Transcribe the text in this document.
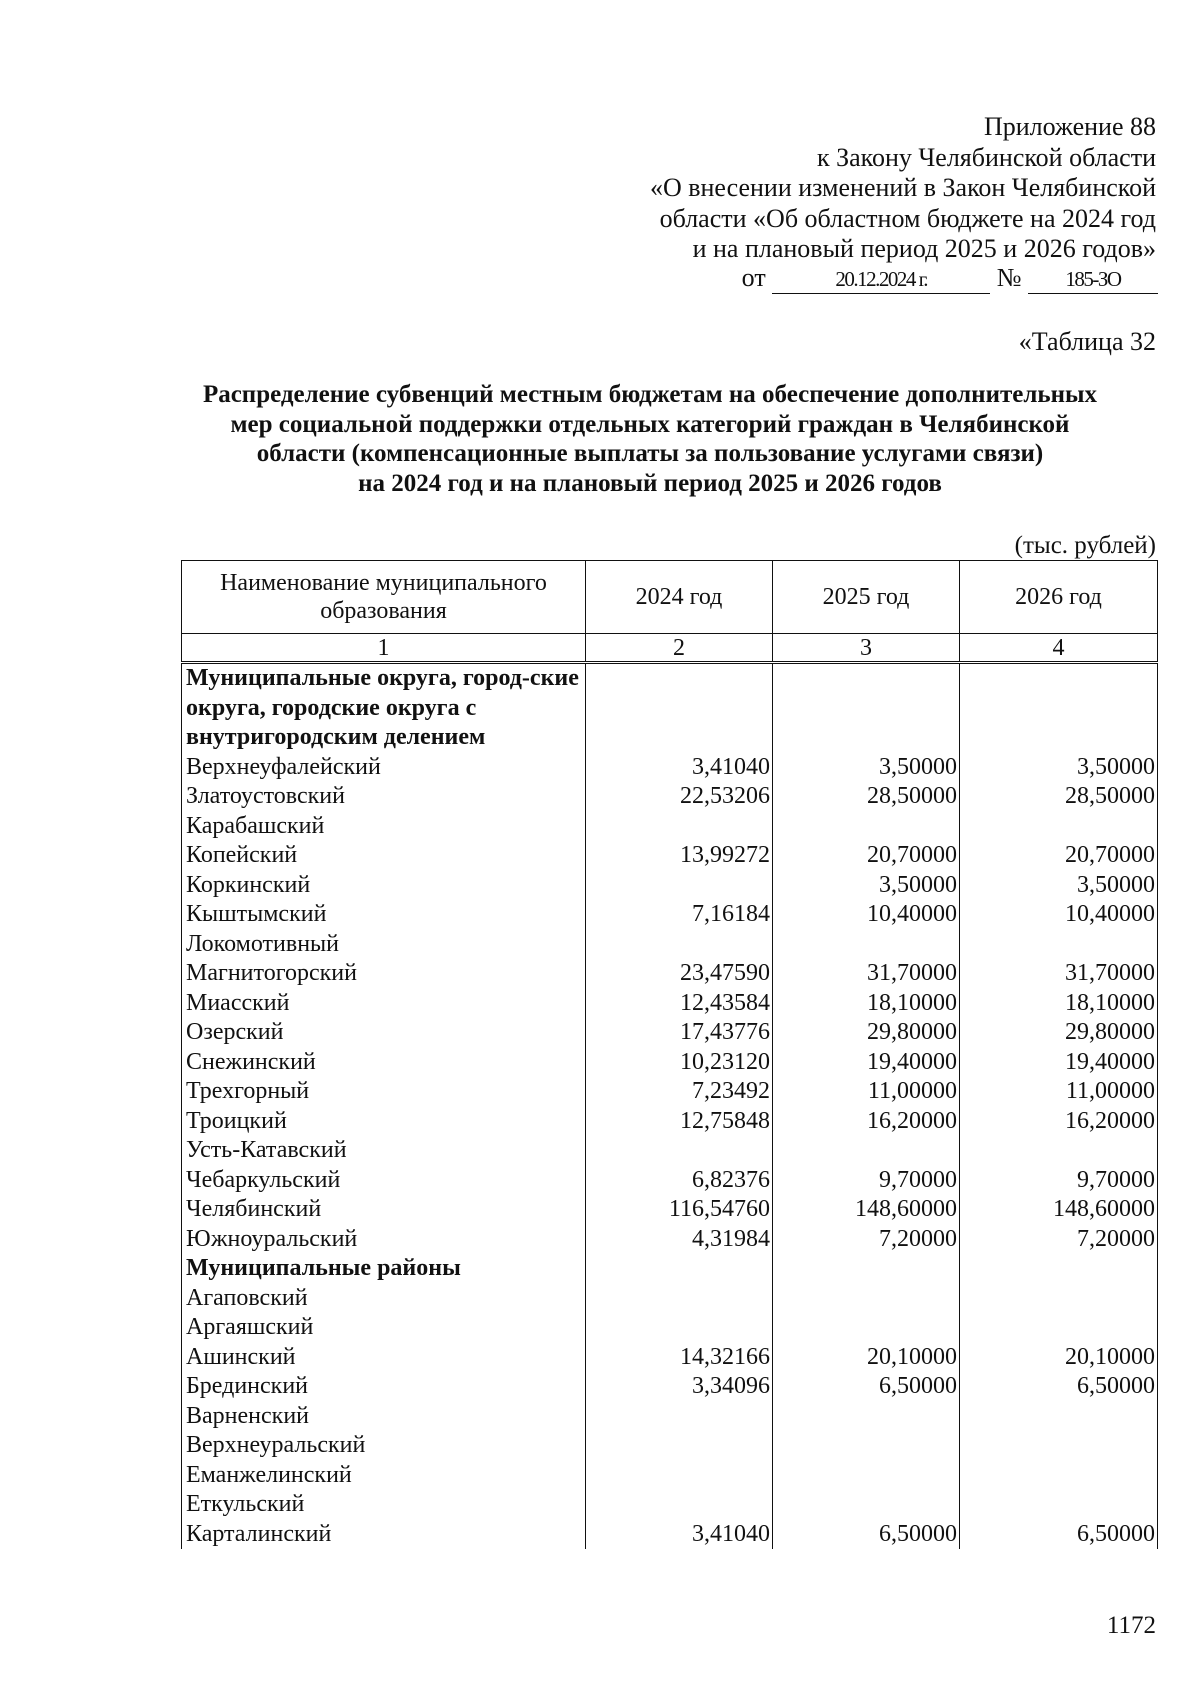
Приложение 88
к Закону Челябинской области
«О внесении изменений в Закон Челябинской
области «Об областном бюджете на 2024 год
и на плановый период 2025 и 2026 годов»
от	20.12.2024 г.	№ 185-ЗО
«Таблица 32
Распределение субвенций местным бюджетам на обеспечение дополнительных
мер социальной поддержки отдельных категорий граждан в Челябинской
области (компенсационные выплаты за пользование услугами связи)
на 2024 год и на плановый период 2025 и 2026 годов
(тыс. рублей)
Наименование муниципального образования	2024 год	2025 год	2026 год
1	2	3	4
Муниципальные округа, город-ские округа, городские округа с внутригородским делением			
Верхнеуфалейский	3,41040	3,50000	3,50000
Златоустовский	22,53206	28,50000	28,50000
Карабашский			
Копейский	13,99272	20,70000	20,70000
Коркинский		3,50000	3,50000
Кыштымский	7,16184	10,40000	10,40000
Локомотивный			
Магнитогорский	23,47590	31,70000	31,70000
Миасский	12,43584	18,10000	18,10000
Озерский	17,43776	29,80000	29,80000
Снежинский	10,23120	19,40000	19,40000
Трехгорный	7,23492	11,00000	11,00000
Троицкий	12,75848	16,20000	16,20000
Усть-Катавский			
Чебаркульский	6,82376	9,70000	9,70000
Челябинский	116,54760	148,60000	148,60000
Южноуральский	4,31984	7,20000	7,20000
Муниципальные районы			
Агаповский			
Аргаяшский			
Ашинский	14,32166	20,10000	20,10000
Брединский	3,34096	6,50000	6,50000
Варненский			
Верхнеуральский			
Еманжелинский			
Еткульский			
Карталинский	3,41040	6,50000	6,50000
1172
